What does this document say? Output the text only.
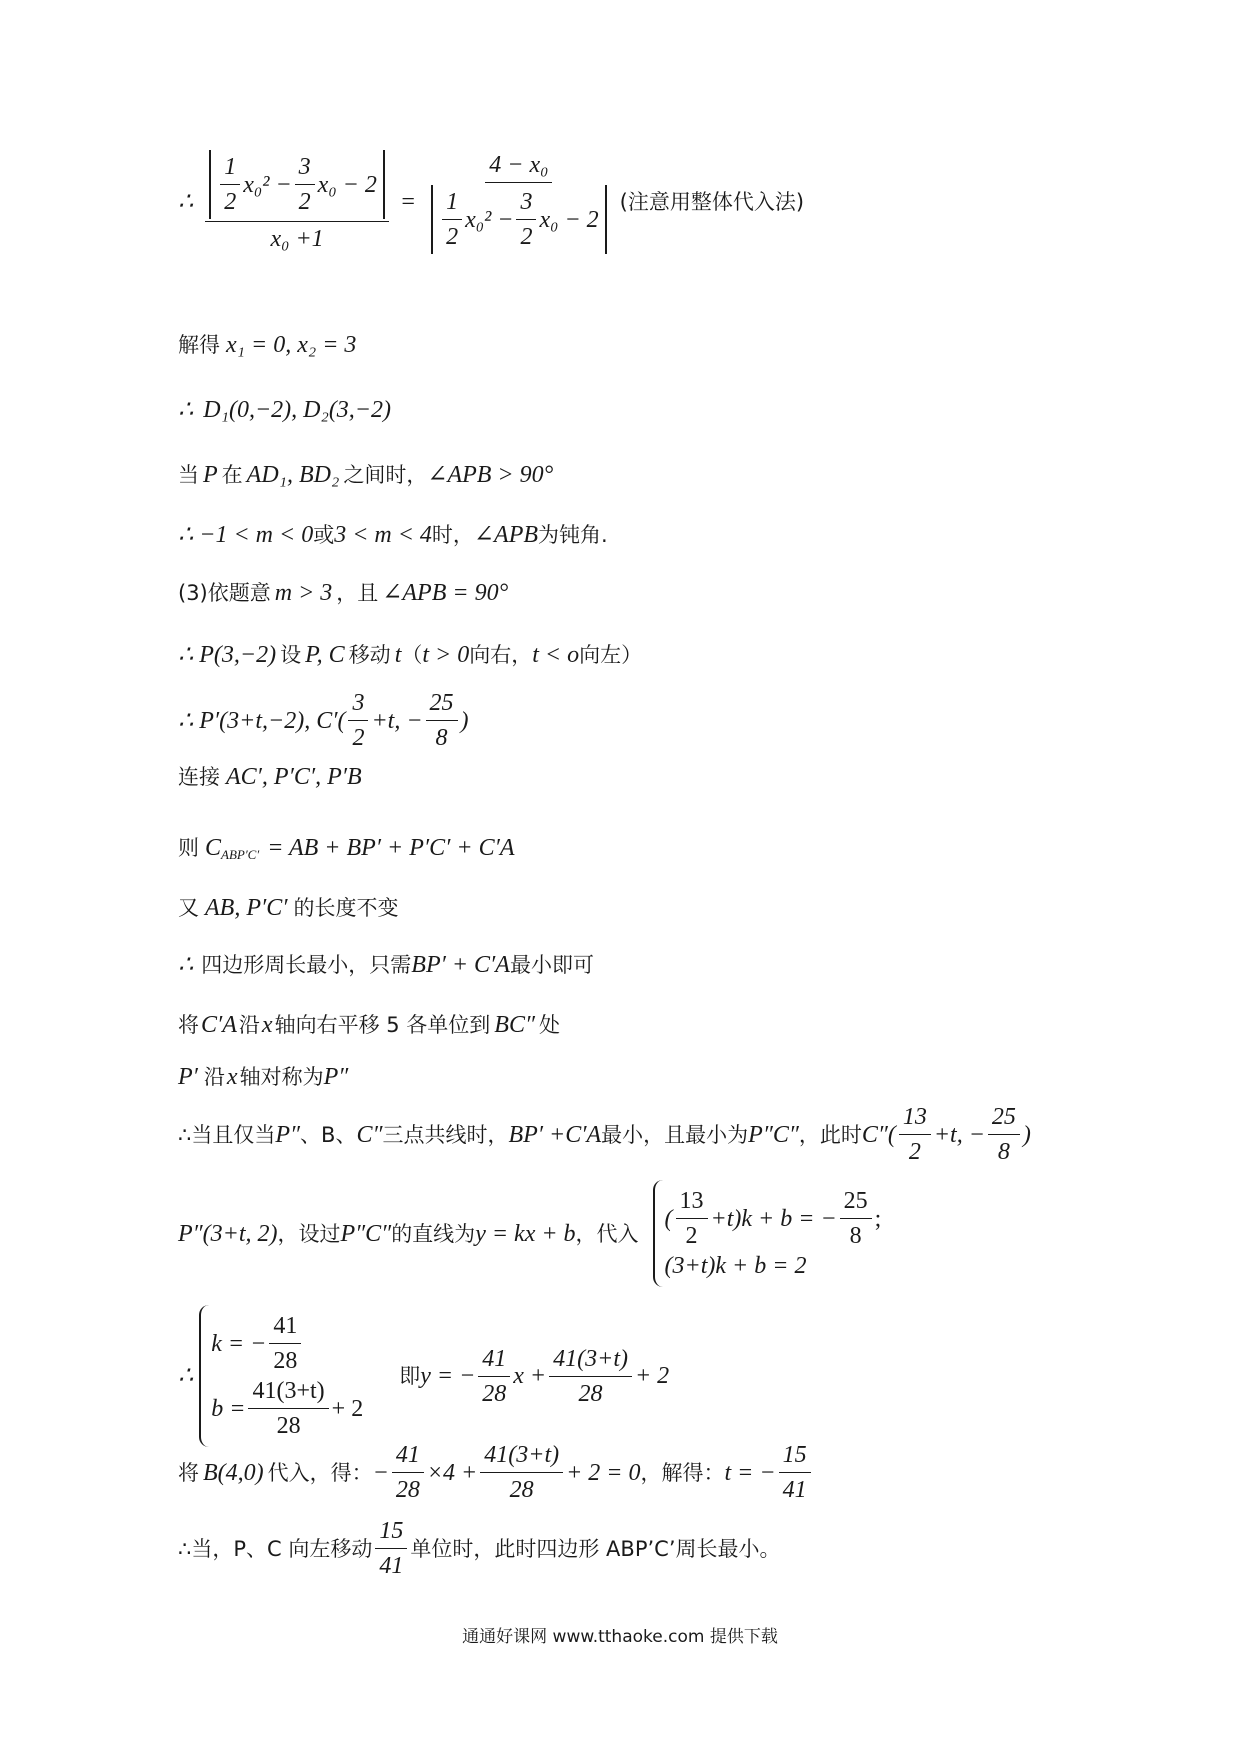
∴ $\frac{\frac{1}{2} x_0^2 - \frac{3}{2} x_0 - 2}{\text{x₀ +1}} = \frac{\text{4 − x₀}}{\frac{1}{2} x_0^2 - \frac{3}{2} x_0 - 2}$ (注意用整体代入法)
解得 x₁ = 0, x₂ = 3
∴ D₁(0,−2), D₂(3,−2)
当 P 在 AD₁, BD₂ 之间时， ∠APB > 90°
∴ −1 < m < 0 或 3 < m < 4 时， ∠APB 为钝角.
(3)依题意 m > 3 ，且 ∠APB = 90°
∴ P(3,−2) 设 P, C 移动 t （ t > 0 向右， t < o 向左）
∴ P′(3+t,−2), $C'( \frac{3}{2} +t$, − $\frac{25}{8}$ )
连接 AC′, P′C′, P′B
则 $C_{ABP'C'}$ = AB + BP′ + P′C′ + C′A
又 AB, P′C′ 的长度不变
∴ 四边形周长最小，只需 BP′ + C′A 最小即可
将 C′A 沿 x 轴向右平移 5 各单位到 BC″ 处
P′ 沿 x 轴对称为 P″
∴当且仅当 P″ 、B、 C″ 三点共线时， BP′ +C′A 最小，且最小为 P″C″ ，此时 $C''( \frac{13}{2} +t$, − $\frac{25}{8}$ )
P″(3+t, 2) ，设过 P″C″ 的直线为 y = kx + b ，代入
( $\frac{13}{2} +t)k + b$ = − $\frac{25}{8}$ ;
(3+t)k + b = 2
∴
k = − $\frac{41}{28}$
$b = \frac{41(3+t)}{28} + 2$
即 y = − $\frac{41}{28}$ $x + \frac{41(3+t)}{28} + 2$
将 B(4,0) 代入，得： − $\frac{41}{28} \times 4 + \frac{41(3+t)}{28} + 2 = 0$ ，解得： t = − $\frac{15}{41}$
∴当，P、C 向左移动 $\frac{15}{41}$ 单位时，此时四边形 ABP’C’周长最小。
通通好课网 www.tthaoke.com 提供下载
